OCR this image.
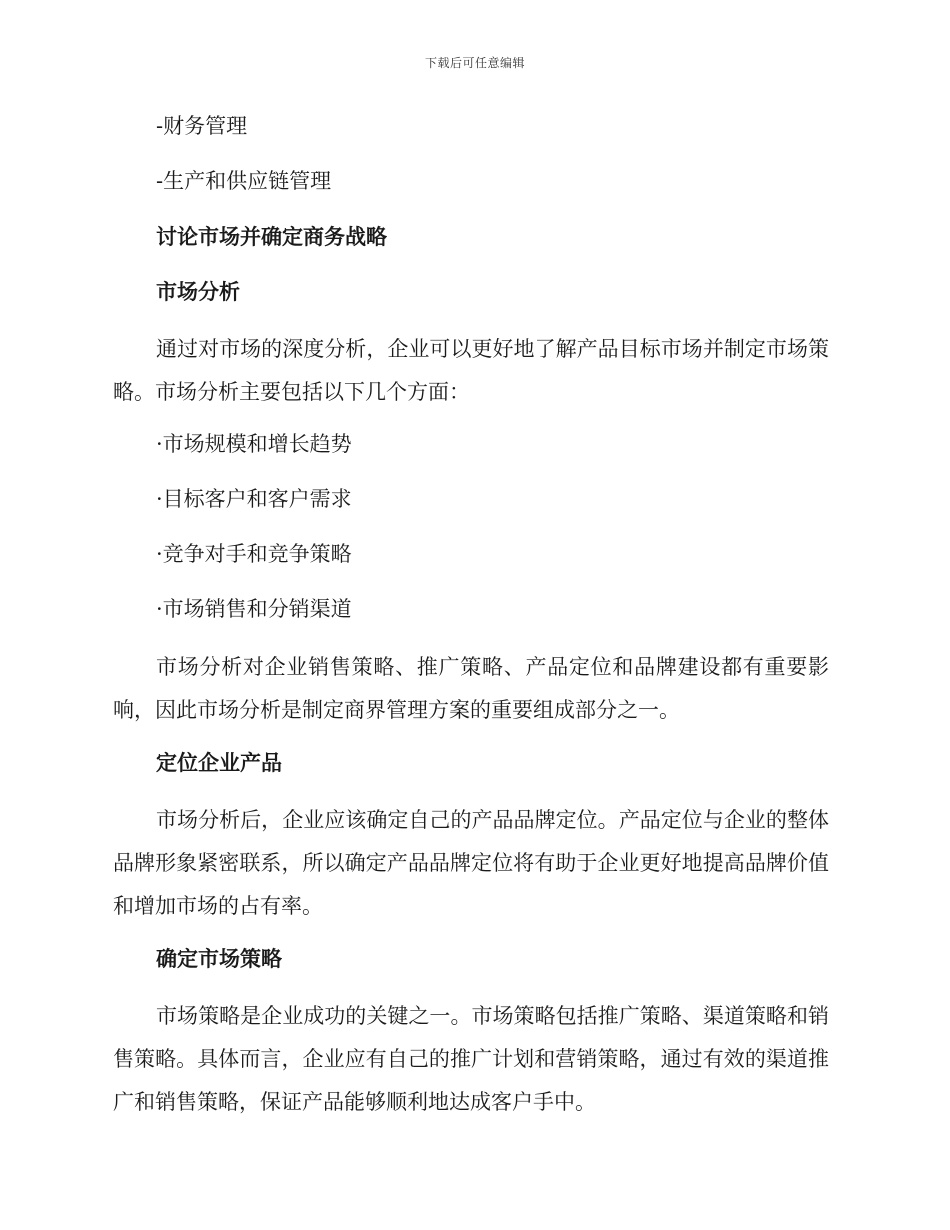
下载后可任意编辑
-财务管理
-生产和供应链管理
讨论市场并确定商务战略
市场分析

通过对市场的深度分析，企业可以更好地了解产品目标市场并制定市场策略。市场分析主要包括以下几个方面：

·市场规模和增长趋势
·目标客户和客户需求
·竞争对手和竞争策略
·市场销售和分销渠道

市场分析对企业销售策略、推广策略、产品定位和品牌建设都有重要影响，因此市场分析是制定商界管理方案的重要组成部分之一。

定位企业产品

市场分析后，企业应该确定自己的产品品牌定位。产品定位与企业的整体品牌形象紧密联系，所以确定产品品牌定位将有助于企业更好地提高品牌价值和增加市场的占有率。

确定市场策略

市场策略是企业成功的关键之一。市场策略包括推广策略、渠道策略和销售策略。具体而言，企业应有自己的推广计划和营销策略，通过有效的渠道推广和销售策略，保证产品能够顺利地达成客户手中。
